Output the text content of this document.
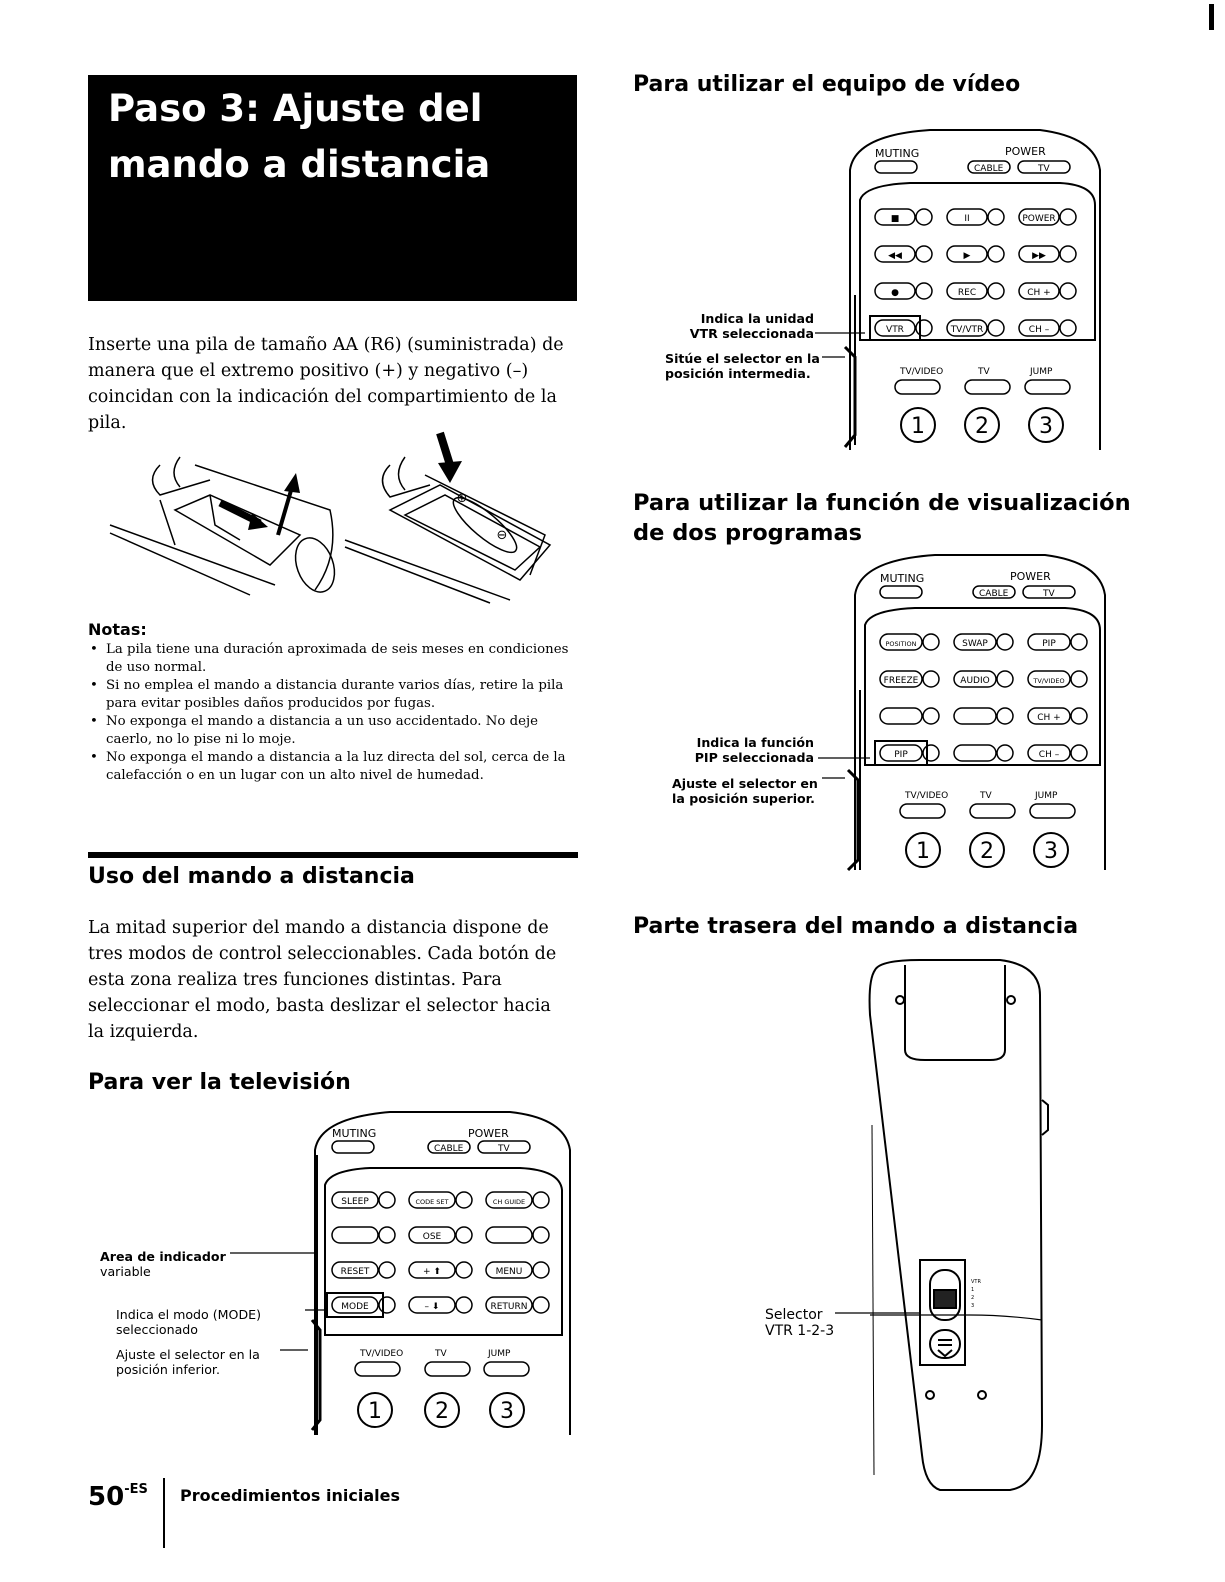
Paso 3: Ajuste del
mando a distancia

Inserte una pila de tamaño AA (R6) (suministrada) de manera que el extremo positivo (+) y negativo (–) coincidan con la indicación del compartimiento de la pila.

⊕
⊖
Notas:
• La pila tiene una duración aproximada de seis meses en condiciones de uso normal.
• Si no emplea el mando a distancia durante varios días, retire la pila para evitar posibles daños producidos por fugas.
• No exponga el mando a distancia a un uso accidentado. No deje caerlo, no lo pise ni lo moje.
• No exponga el mando a distancia a la luz directa del sol, cerca de la calefacción o en un lugar con un alto nivel de humedad.
Uso del mando a distancia

La mitad superior del mando a distancia dispone de tres modos de control seleccionables. Cada botón de esta zona realiza tres funciones distintas. Para seleccionar el modo, basta deslizar el selector hacia la izquierda.

Para ver la televisión

Area de indicador
variable

Indica el modo (MODE)
seleccionado

Ajuste el selector en la
posición inferior.

MUTING	POWER
CABLE	TV
SLEEP	CODE SET	CH GUIDE
OSE
RESET	+ ⬆	MENU
MODE	– ⬇	RETURN
TV/VIDEO	TV	JUMP
1 2 3
Para utilizar el equipo de vídeo

Indica la unidad
VTR seleccionada

Sitúe el selector en la
posición intermedia.

MUTING	POWER
CABLE	TV
■	II	POWER
◀◀	▶	▶▶
●	REC	CH +
VTR	TV/VTR	CH –
TV/VIDEO	TV	JUMP
1 2 3
Para utilizar la función de visualización
de dos programas

Indica la función
PIP seleccionada

Ajuste el selector en
la posición superior.

MUTING	POWER
CABLE	TV
POSITION	SWAP	PIP
FREEZE	AUDIO	TV/VIDEO
CH +
PIP	CH –
TV/VIDEO	TV	JUMP
1 2 3
Parte trasera del mando a distancia

Selector
VTR 1-2-3

VTR
1
2
3
$50^{-ES}$ Procedimientos iniciales
